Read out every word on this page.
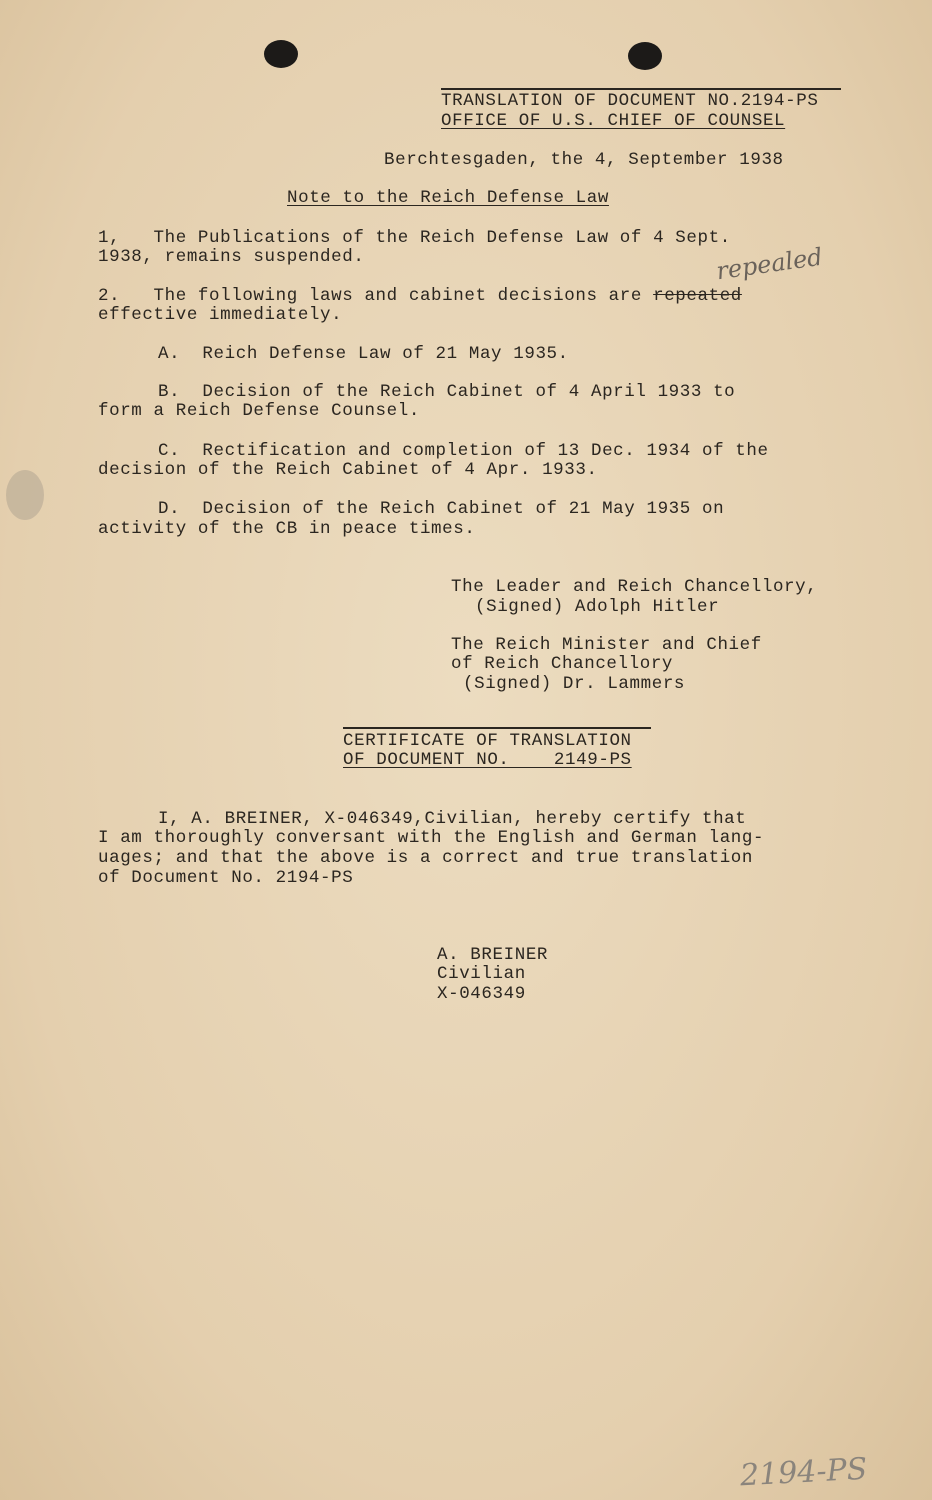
TRANSLATION OF DOCUMENT NO.2194-PS
OFFICE OF U.S. CHIEF OF COUNSEL
Berchtesgaden, the 4, September 1938
Note to the Reich Defense Law
1,   The Publications of the Reich Defense Law of 4 Sept.
1938, remains suspended.
2.   The following laws and cabinet decisions are repeated
repealed
effective immediately.
A.  Reich Defense Law of 21 May 1935.
B.  Decision of the Reich Cabinet of 4 April 1933 to
form a Reich Defense Counsel.
C.  Rectification and completion of 13 Dec. 1934 of the
decision of the Reich Cabinet of 4 Apr. 1933.
D.  Decision of the Reich Cabinet of 21 May 1935 on
activity of the CB in peace times.
The Leader and Reich Chancellory,
(Signed) Adolph Hitler
The Reich Minister and Chief
of Reich Chancellory
(Signed) Dr. Lammers
CERTIFICATE OF TRANSLATION
OF DOCUMENT NO.    2149-PS
I, A. BREINER, X-046349,Civilian, hereby certify that
I am thoroughly conversant with the English and German lang-
uages; and that the above is a correct and true translation
of Document No. 2194-PS
A. BREINER
Civilian
X-046349
2194-PS
